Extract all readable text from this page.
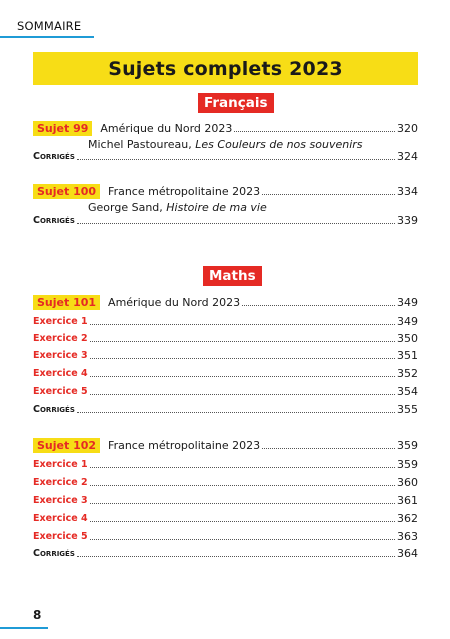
SOMMAIRE
Sujets complets 2023
Français
Sujet 99	Amérique du Nord 2023	320
Michel Pastoureau, Les Couleurs de nos souvenirs
Corrigés	324
Sujet 100	France métropolitaine 2023	334
George Sand, Histoire de ma vie
Corrigés	339
Maths
Sujet 101	Amérique du Nord 2023	349
Exercice 1	349
Exercice 2	350
Exercice 3	351
Exercice 4	352
Exercice 5	354
Corrigés	355
Sujet 102	France métropolitaine 2023	359
Exercice 1	359
Exercice 2	360
Exercice 3	361
Exercice 4	362
Exercice 5	363
Corrigés	364
8
